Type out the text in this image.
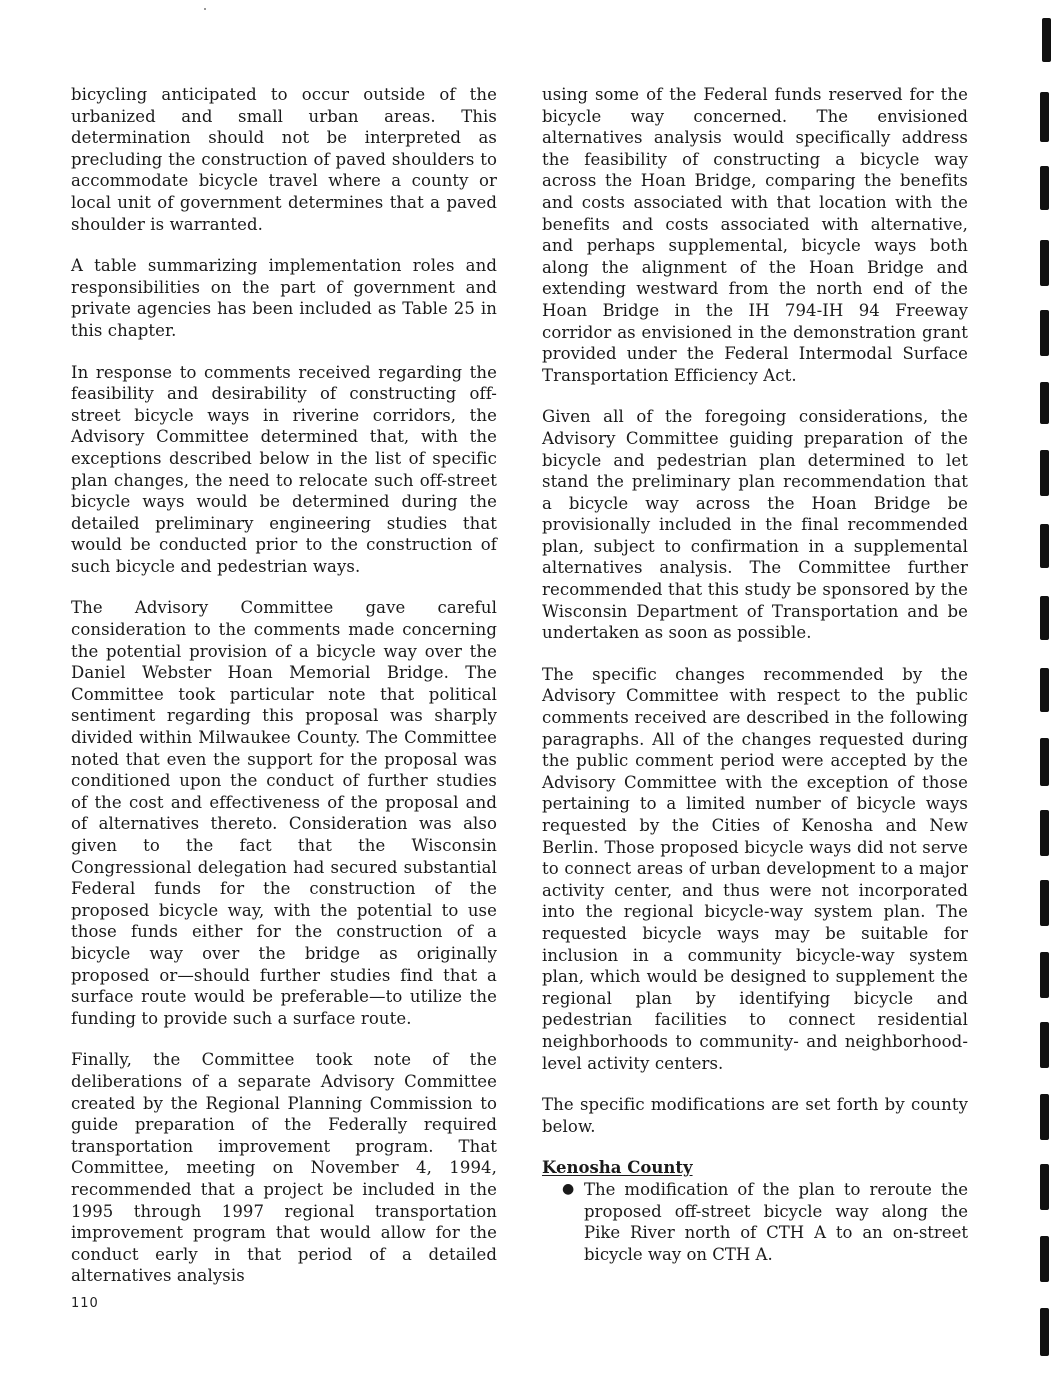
bicycling anticipated to occur outside of the urbanized and small urban areas. This determination should not be interpreted as precluding the construction of paved shoulders to accommodate bicycle travel where a county or local unit of government determines that a paved shoulder is warranted.

A table summarizing implementation roles and responsibilities on the part of government and private agencies has been included as Table 25 in this chapter.

In response to comments received regarding the feasibility and desirability of constructing off-street bicycle ways in riverine corridors, the Advisory Committee determined that, with the exceptions described below in the list of specific plan changes, the need to relocate such off-street bicycle ways would be determined during the detailed preliminary engineering studies that would be conducted prior to the construction of such bicycle and pedestrian ways.

The Advisory Committee gave careful consideration to the comments made concerning the potential provision of a bicycle way over the Daniel Webster Hoan Memorial Bridge. The Committee took particular note that political sentiment regarding this proposal was sharply divided within Milwaukee County. The Committee noted that even the support for the proposal was conditioned upon the conduct of further studies of the cost and effectiveness of the proposal and of alternatives thereto. Consideration was also given to the fact that the Wisconsin Congressional delegation had secured substantial Federal funds for the construction of the proposed bicycle way, with the potential to use those funds either for the construction of a bicycle way over the bridge as originally proposed or—should further studies find that a surface route would be preferable—to utilize the funding to provide such a surface route.

Finally, the Committee took note of the deliberations of a separate Advisory Committee created by the Regional Planning Commission to guide preparation of the Federally required transportation improvement program. That Committee, meeting on November 4, 1994, recommended that a project be included in the 1995 through 1997 regional transportation improvement program that would allow for the conduct early in that period of a detailed alternatives analysis

using some of the Federal funds reserved for the bicycle way concerned. The envisioned alternatives analysis would specifically address the feasibility of constructing a bicycle way across the Hoan Bridge, comparing the benefits and costs associated with that location with the benefits and costs associated with alternative, and perhaps supplemental, bicycle ways both along the alignment of the Hoan Bridge and extending westward from the north end of the Hoan Bridge in the IH 794-IH 94 Freeway corridor as envisioned in the demonstration grant provided under the Federal Intermodal Surface Transportation Efficiency Act.

Given all of the foregoing considerations, the Advisory Committee guiding preparation of the bicycle and pedestrian plan determined to let stand the preliminary plan recommendation that a bicycle way across the Hoan Bridge be provisionally included in the final recommended plan, subject to confirmation in a supplemental alternatives analysis. The Committee further recommended that this study be sponsored by the Wisconsin Department of Transportation and be undertaken as soon as possible.

The specific changes recommended by the Advisory Committee with respect to the public comments received are described in the following paragraphs. All of the changes requested during the public comment period were accepted by the Advisory Committee with the exception of those pertaining to a limited number of bicycle ways requested by the Cities of Kenosha and New Berlin. Those proposed bicycle ways did not serve to connect areas of urban development to a major activity center, and thus were not incorporated into the regional bicycle-way system plan. The requested bicycle ways may be suitable for inclusion in a community bicycle-way system plan, which would be designed to supplement the regional plan by identifying bicycle and pedestrian facilities to connect residential neighborhoods to community- and neighborhood-level activity centers.

The specific modifications are set forth by county below.

Kenosha County
● The modification of the plan to reroute the proposed off-street bicycle way along the Pike River north of CTH A to an on-street bicycle way on CTH A.
110
